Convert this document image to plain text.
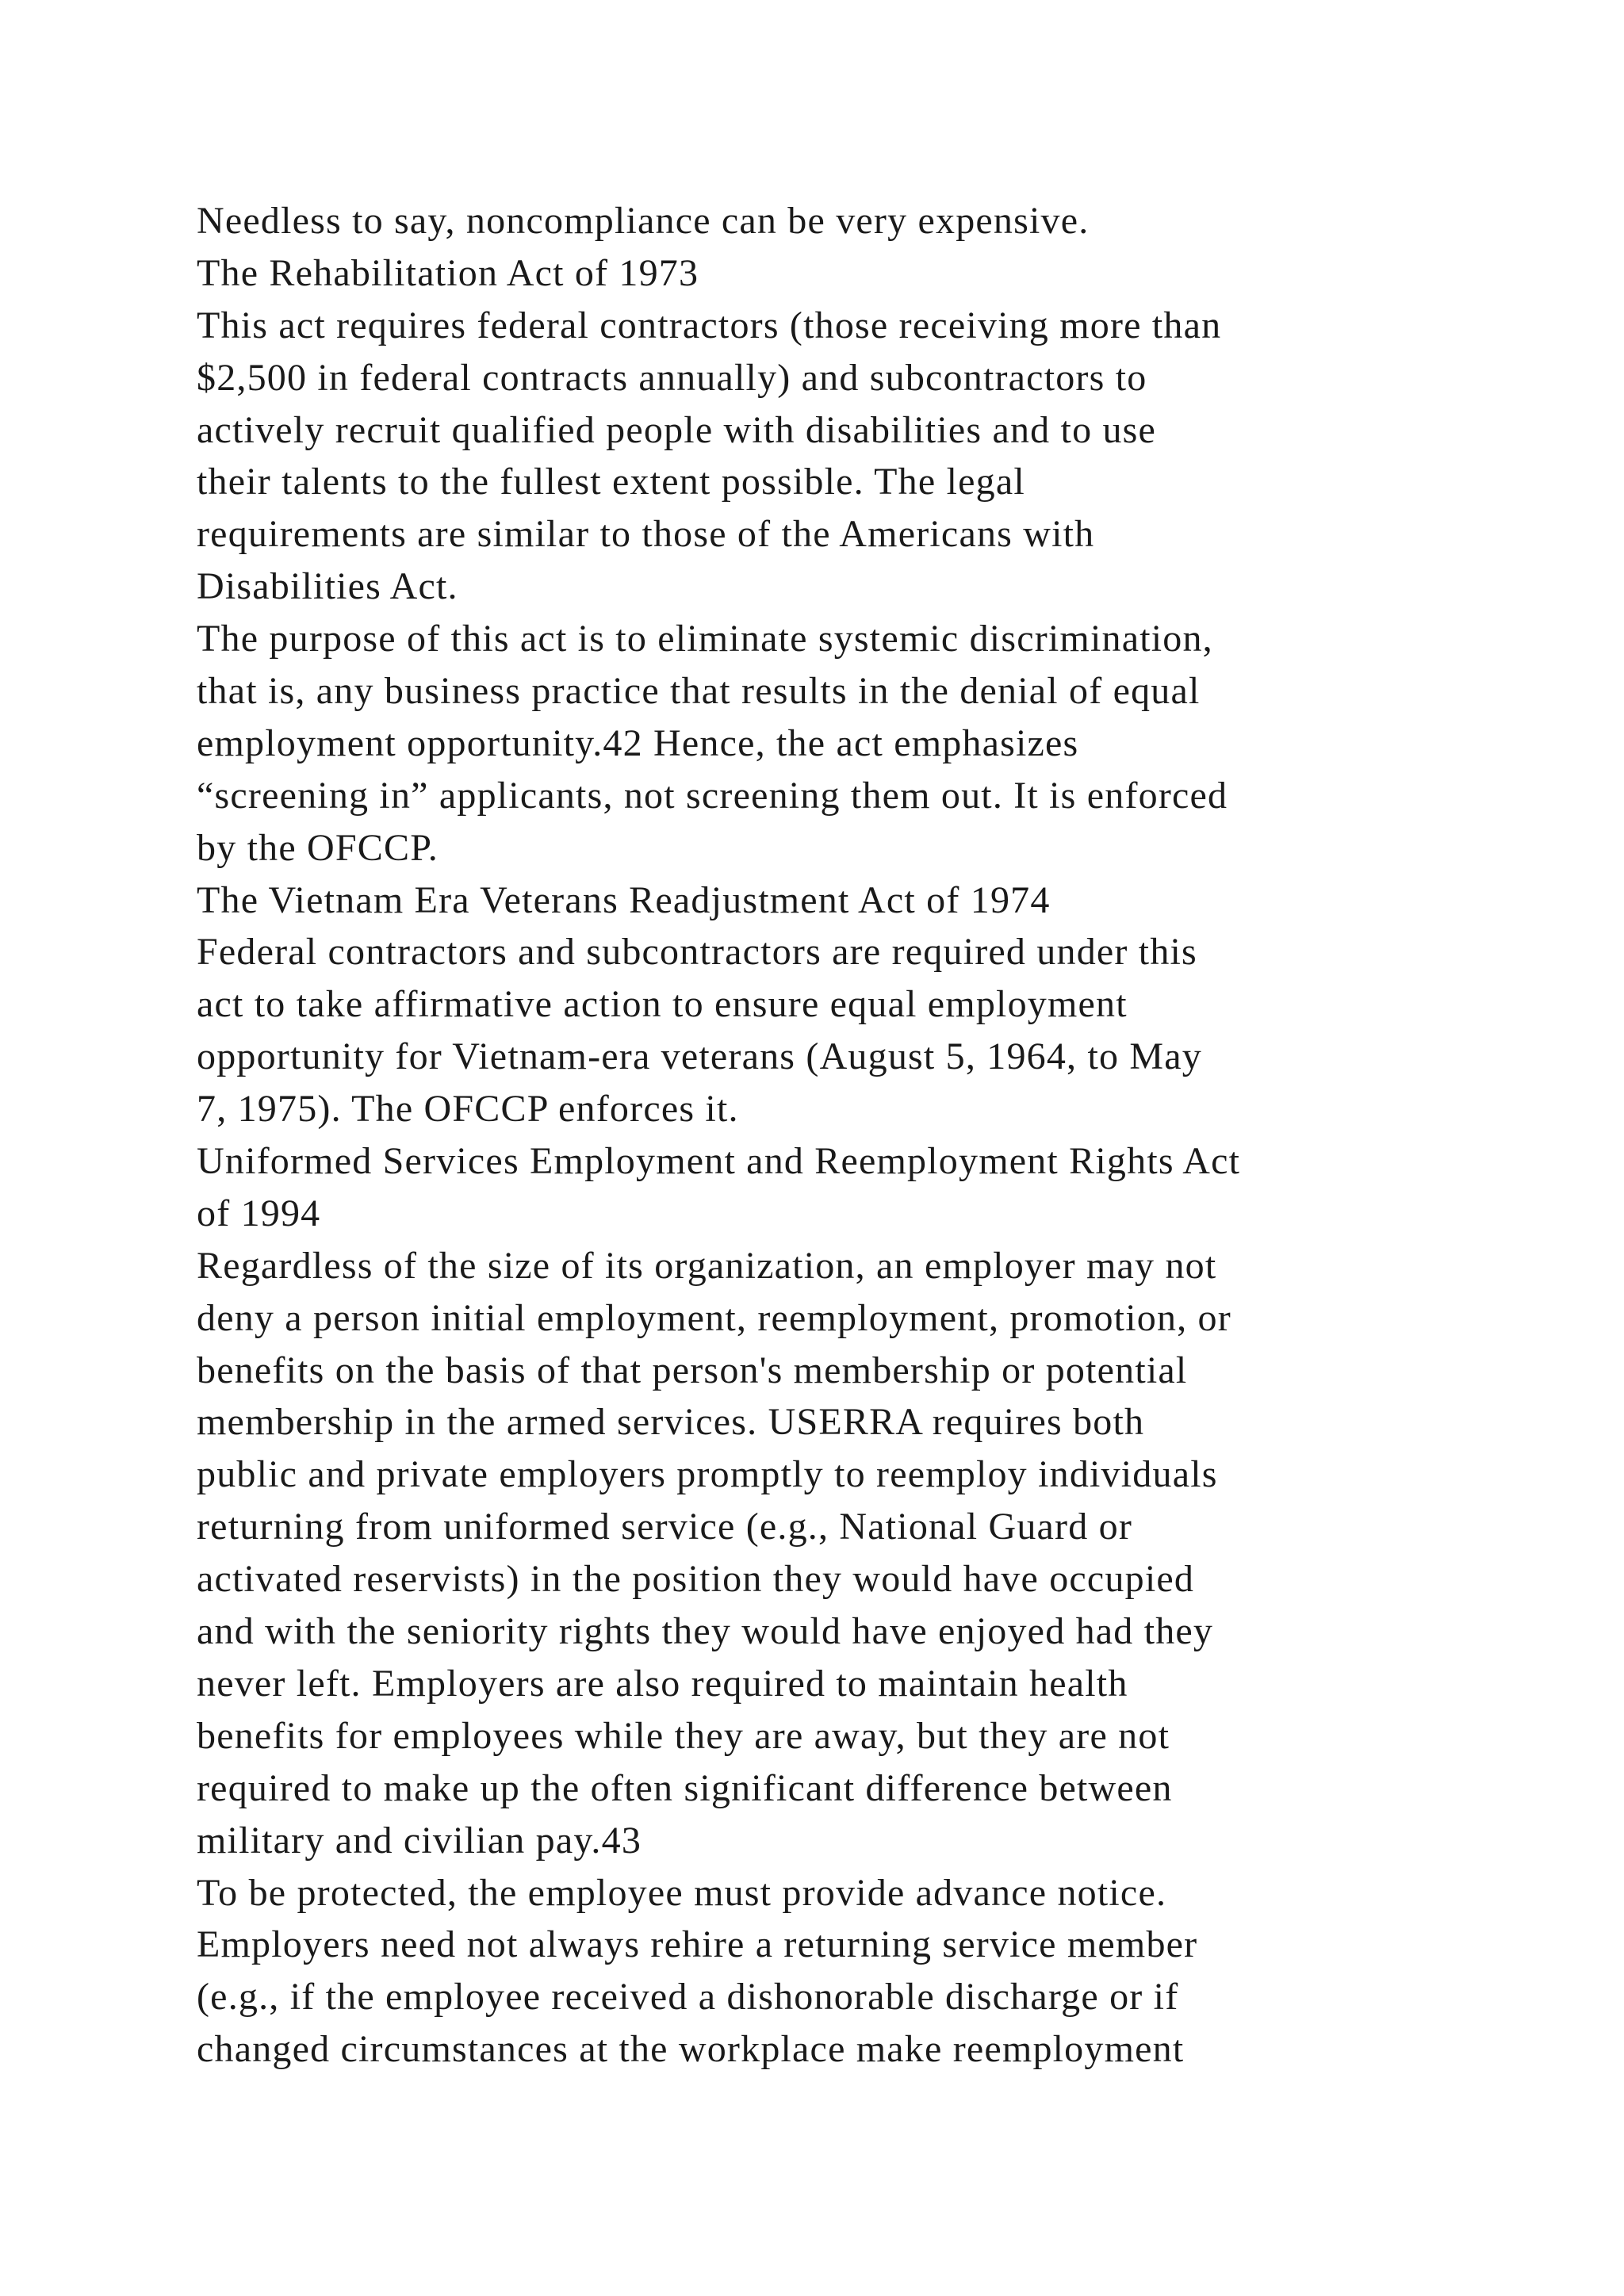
Needless to say, noncompliance can be very expensive.
The Rehabilitation Act of 1973
This act requires federal contractors (those receiving more than
$2,500 in federal contracts annually) and subcontractors to
actively recruit qualified people with disabilities and to use
their talents to the fullest extent possible. The legal
requirements are similar to those of the Americans with
Disabilities Act.
The purpose of this act is to eliminate systemic discrimination,
that is, any business practice that results in the denial of equal
employment opportunity.42 Hence, the act emphasizes
“screening in” applicants, not screening them out. It is enforced
by the OFCCP.
The Vietnam Era Veterans Readjustment Act of 1974
Federal contractors and subcontractors are required under this
act to take affirmative action to ensure equal employment
opportunity for Vietnam-era veterans (August 5, 1964, to May
7, 1975). The OFCCP enforces it.
Uniformed Services Employment and Reemployment Rights Act
of 1994
Regardless of the size of its organization, an employer may not
deny a person initial employment, reemployment, promotion, or
benefits on the basis of that person's membership or potential
membership in the armed services. USERRA requires both
public and private employers promptly to reemploy individuals
returning from uniformed service (e.g., National Guard or
activated reservists) in the position they would have occupied
and with the seniority rights they would have enjoyed had they
never left. Employers are also required to maintain health
benefits for employees while they are away, but they are not
required to make up the often significant difference between
military and civilian pay.43
To be protected, the employee must provide advance notice.
Employers need not always rehire a returning service member
(e.g., if the employee received a dishonorable discharge or if
changed circumstances at the workplace make reemployment
